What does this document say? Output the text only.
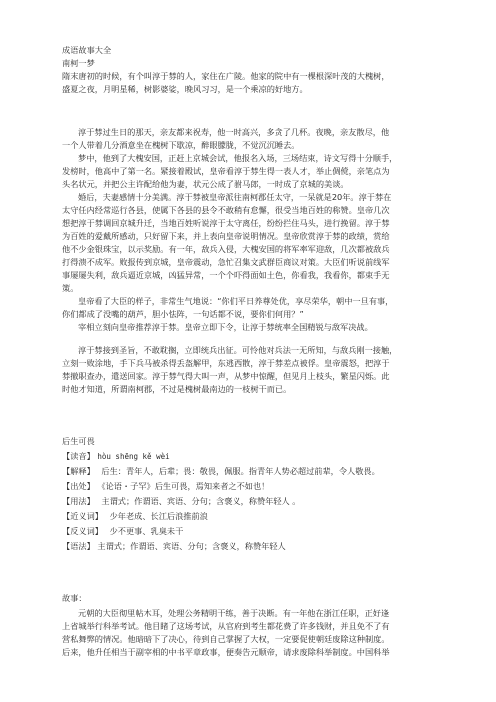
成语故事大全
南柯一梦
隋末唐初的时候，有个叫淳于棼的人，家住在广陵。他家的院中有一棵根深叶茂的大槐树，
盛夏之夜，月明星稀，树影婆娑，晚风习习，是一个乘凉的好地方。
淳于棼过生日的那天，亲友都来祝寿，他一时高兴，多贪了几杯。夜晚，亲友散尽，他
一个人带着几分酒意坐在槐树下歇凉，醉眼朦胧，不觉沉沉睡去。
梦中，他到了大槐安国，正赶上京城会试，他报名入场，三场结束，诗文写得十分顺手，
发榜时，他高中了第一名。紧接着殿试，皇帝看淳于棼生得一表人才，举止倜傥，亲笔点为
头名状元，并把公主许配给他为妻，状元公成了驸马郎，一时成了京城的美谈。
婚后，夫妻感情十分美满。淳于棼被皇帝派往南柯郡任太守，一呆就是20年。淳于棼在
太守任内经常巡行各县，使属下各县的县令不敢稍有怠懈，很受当地百姓的称赞。皇帝几次
想把淳于棼调回京城升迁，当地百姓听说淳于太守离任，纷纷拦住马头，进行挽留。淳于棼
为百姓的爱戴所感动，只好留下来，并上表向皇帝说明情况。皇帝欣赏淳于棼的政绩，赏给
他不少金银珠宝，以示奖励。有一年，敌兵入侵，大槐安国的将军率军迎敌，几次都被敌兵
打得溃不成军。败报传到京城，皇帝震动，急忙召集文武群臣商议对策。大臣们听说前线军
事屡屡失利，敌兵逼近京城，凶猛异常，一个个吓得面如土色，你看我，我看你，都束手无
策。
皇帝看了大臣的样子，非常生气地说：“你们平日养尊处优，享尽荣华，朝中一旦有事，
你们都成了没嘴的葫芦，胆小怯阵，一句话都不说，要你们何用？”
宰相立刻向皇帝推荐淳于棼。皇帝立即下令，让淳于棼统率全国精锐与敌军决战。
淳于棼接到圣旨，不敢耽搁，立即统兵出征。可怜他对兵法一无所知，与敌兵刚一接触，
立刻一败涂地，手下兵马被杀得丢盔解甲，东逃西散，淳于棼差点被俘。皇帝震怒，把淳于
棼撤职查办，遣送回家。淳于棼气得大叫一声，从梦中惊醒，但见月上枝头，繁星闪烁。此
时他才知道，所谓南柯郡，不过是槐树最南边的一枝树干而已。
后生可畏
【读音】 hòu shēng kě wèi
【解释】 后生：青年人，后辈；畏：敬畏，佩服。指青年人势必超过前辈，令人敬畏。
【出处】 《论语・子罕》后生可畏，焉知来者之不如也！
【用法】 主谓式；作谓语、宾语、分句；含褒义，称赞年轻人 。
【近义词】 少年老成、长江后浪推前浪
【反义词】 少不更事、乳臭未干
【语法】 主谓式；作谓语、宾语、分句；含褒义，称赞年轻人
故事：
元朝的大臣彻里帖木耳，处理公务精明干练，善于决断。有一年他在浙江任职，正好逢
上省城举行科举考试。他目睹了这场考试，从官府到考生都花费了许多钱财，并且免不了有
营私舞弊的情况。他暗暗下了决心，待到自己掌握了大权，一定要促使朝廷废除这种制度。
后来，他升任相当于副宰相的中书平章政事，便奏告元顺帝，请求废除科举制度。中国科举
